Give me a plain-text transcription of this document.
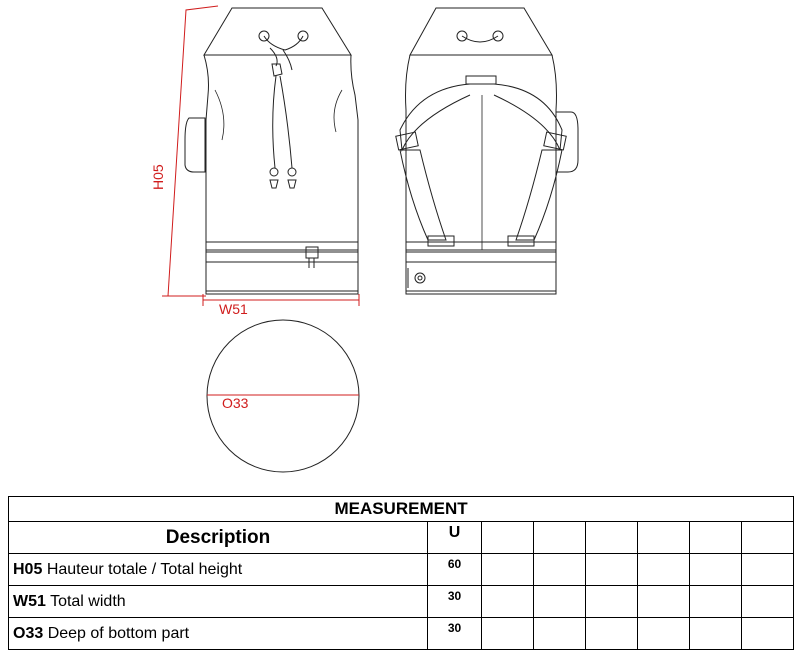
H05
W51
O33
MEASUREMENT							
Description	U						
H05 Hauteur totale / Total height	60						
W51 Total width	30						
O33 Deep of bottom part	30						
